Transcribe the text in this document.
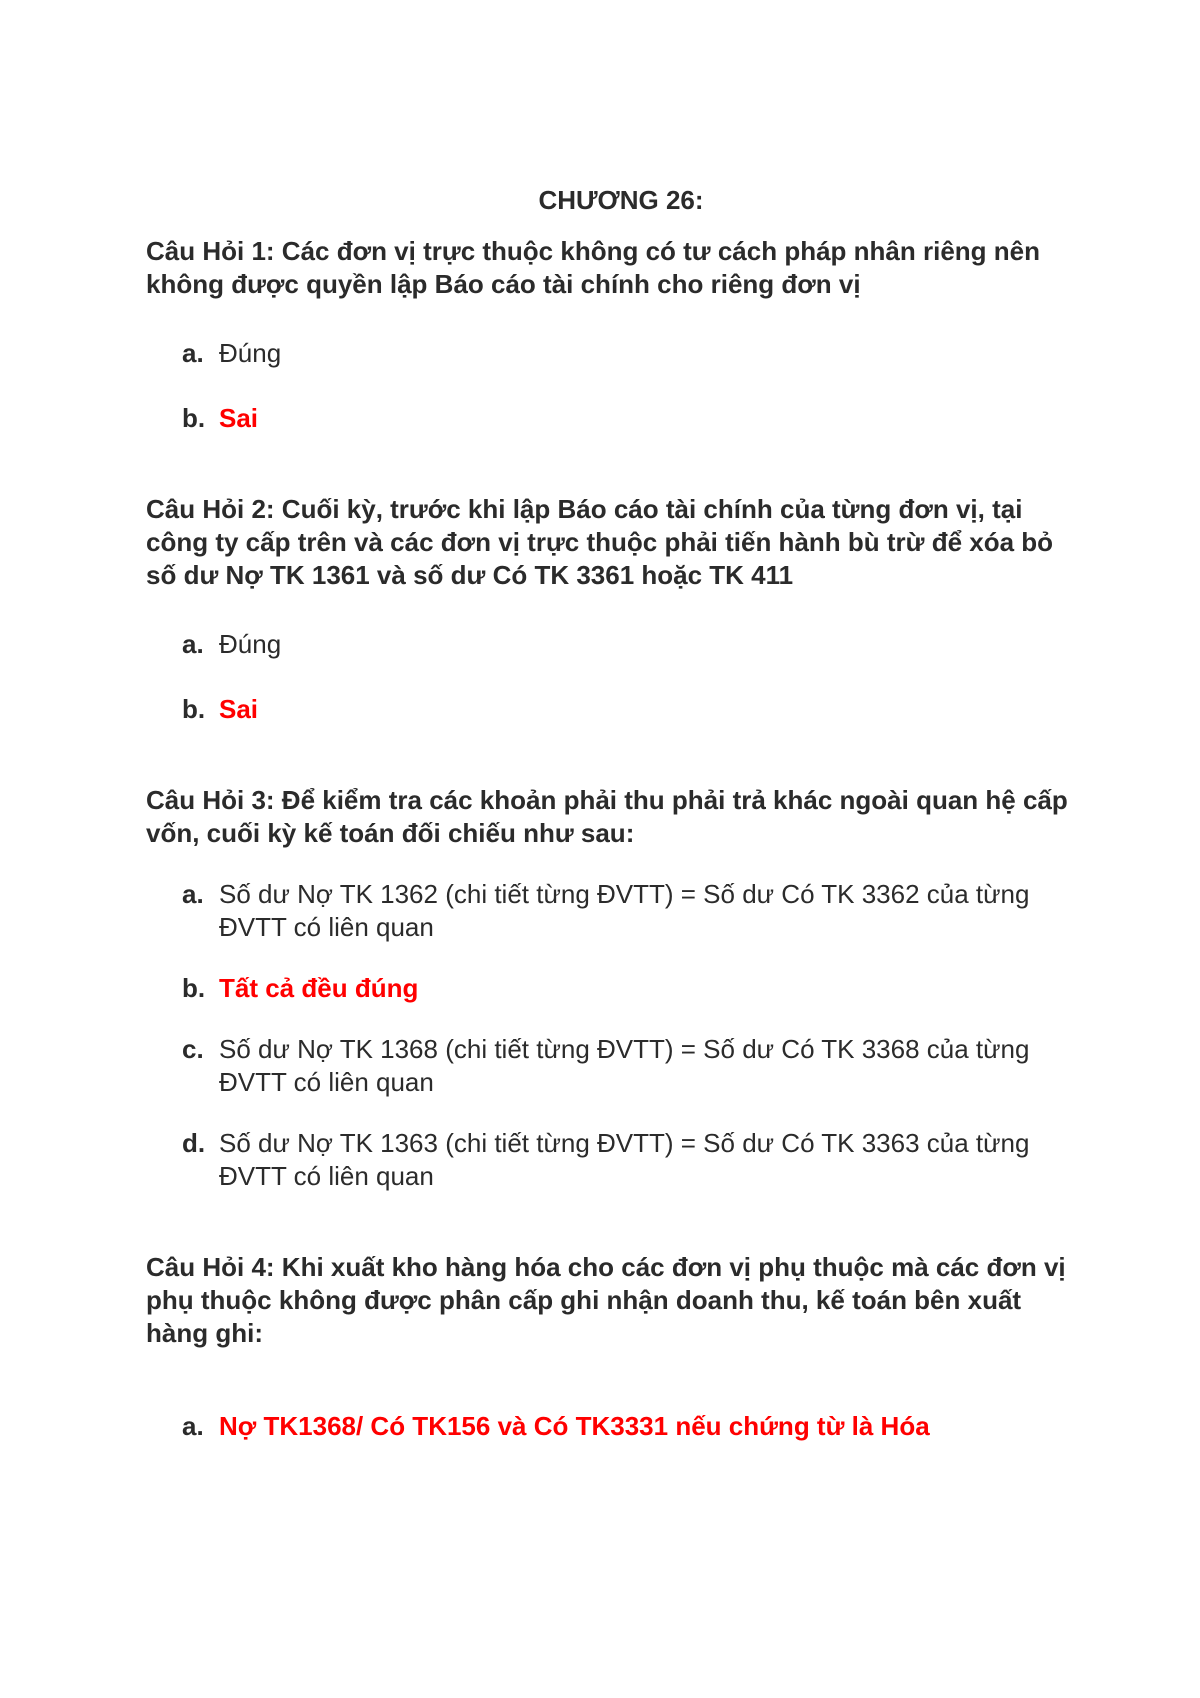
CHƯƠNG 26:

Câu Hỏi 1: Các đơn vị trực thuộc không có tư cách pháp nhân riêng nên không được quyền lập Báo cáo tài chính cho riêng đơn vị

a. Đúng
b. Sai

Câu Hỏi 2: Cuối kỳ, trước khi lập Báo cáo tài chính của từng đơn vị, tại công ty cấp trên và các đơn vị trực thuộc phải tiến hành bù trừ để xóa bỏ số dư Nợ TK 1361 và số dư Có TK 3361 hoặc TK 411

a. Đúng
b. Sai

Câu Hỏi 3: Để kiểm tra các khoản phải thu phải trả khác ngoài quan hệ cấp vốn, cuối kỳ kế toán đối chiếu như sau:

a. Số dư Nợ TK 1362 (chi tiết từng ĐVTT) = Số dư Có TK 3362 của từng ĐVTT có liên quan
b. Tất cả đều đúng
c. Số dư Nợ TK 1368 (chi tiết từng ĐVTT) = Số dư Có TK 3368 của từng ĐVTT có liên quan
d. Số dư Nợ TK 1363 (chi tiết từng ĐVTT) = Số dư Có TK 3363 của từng ĐVTT có liên quan

Câu Hỏi 4: Khi xuất kho hàng hóa cho các đơn vị phụ thuộc mà các đơn vị phụ thuộc không được phân cấp ghi nhận doanh thu, kế toán bên xuất hàng ghi:

a. Nợ TK1368/ Có TK156 và Có TK3331 nếu chứng từ là Hóa
